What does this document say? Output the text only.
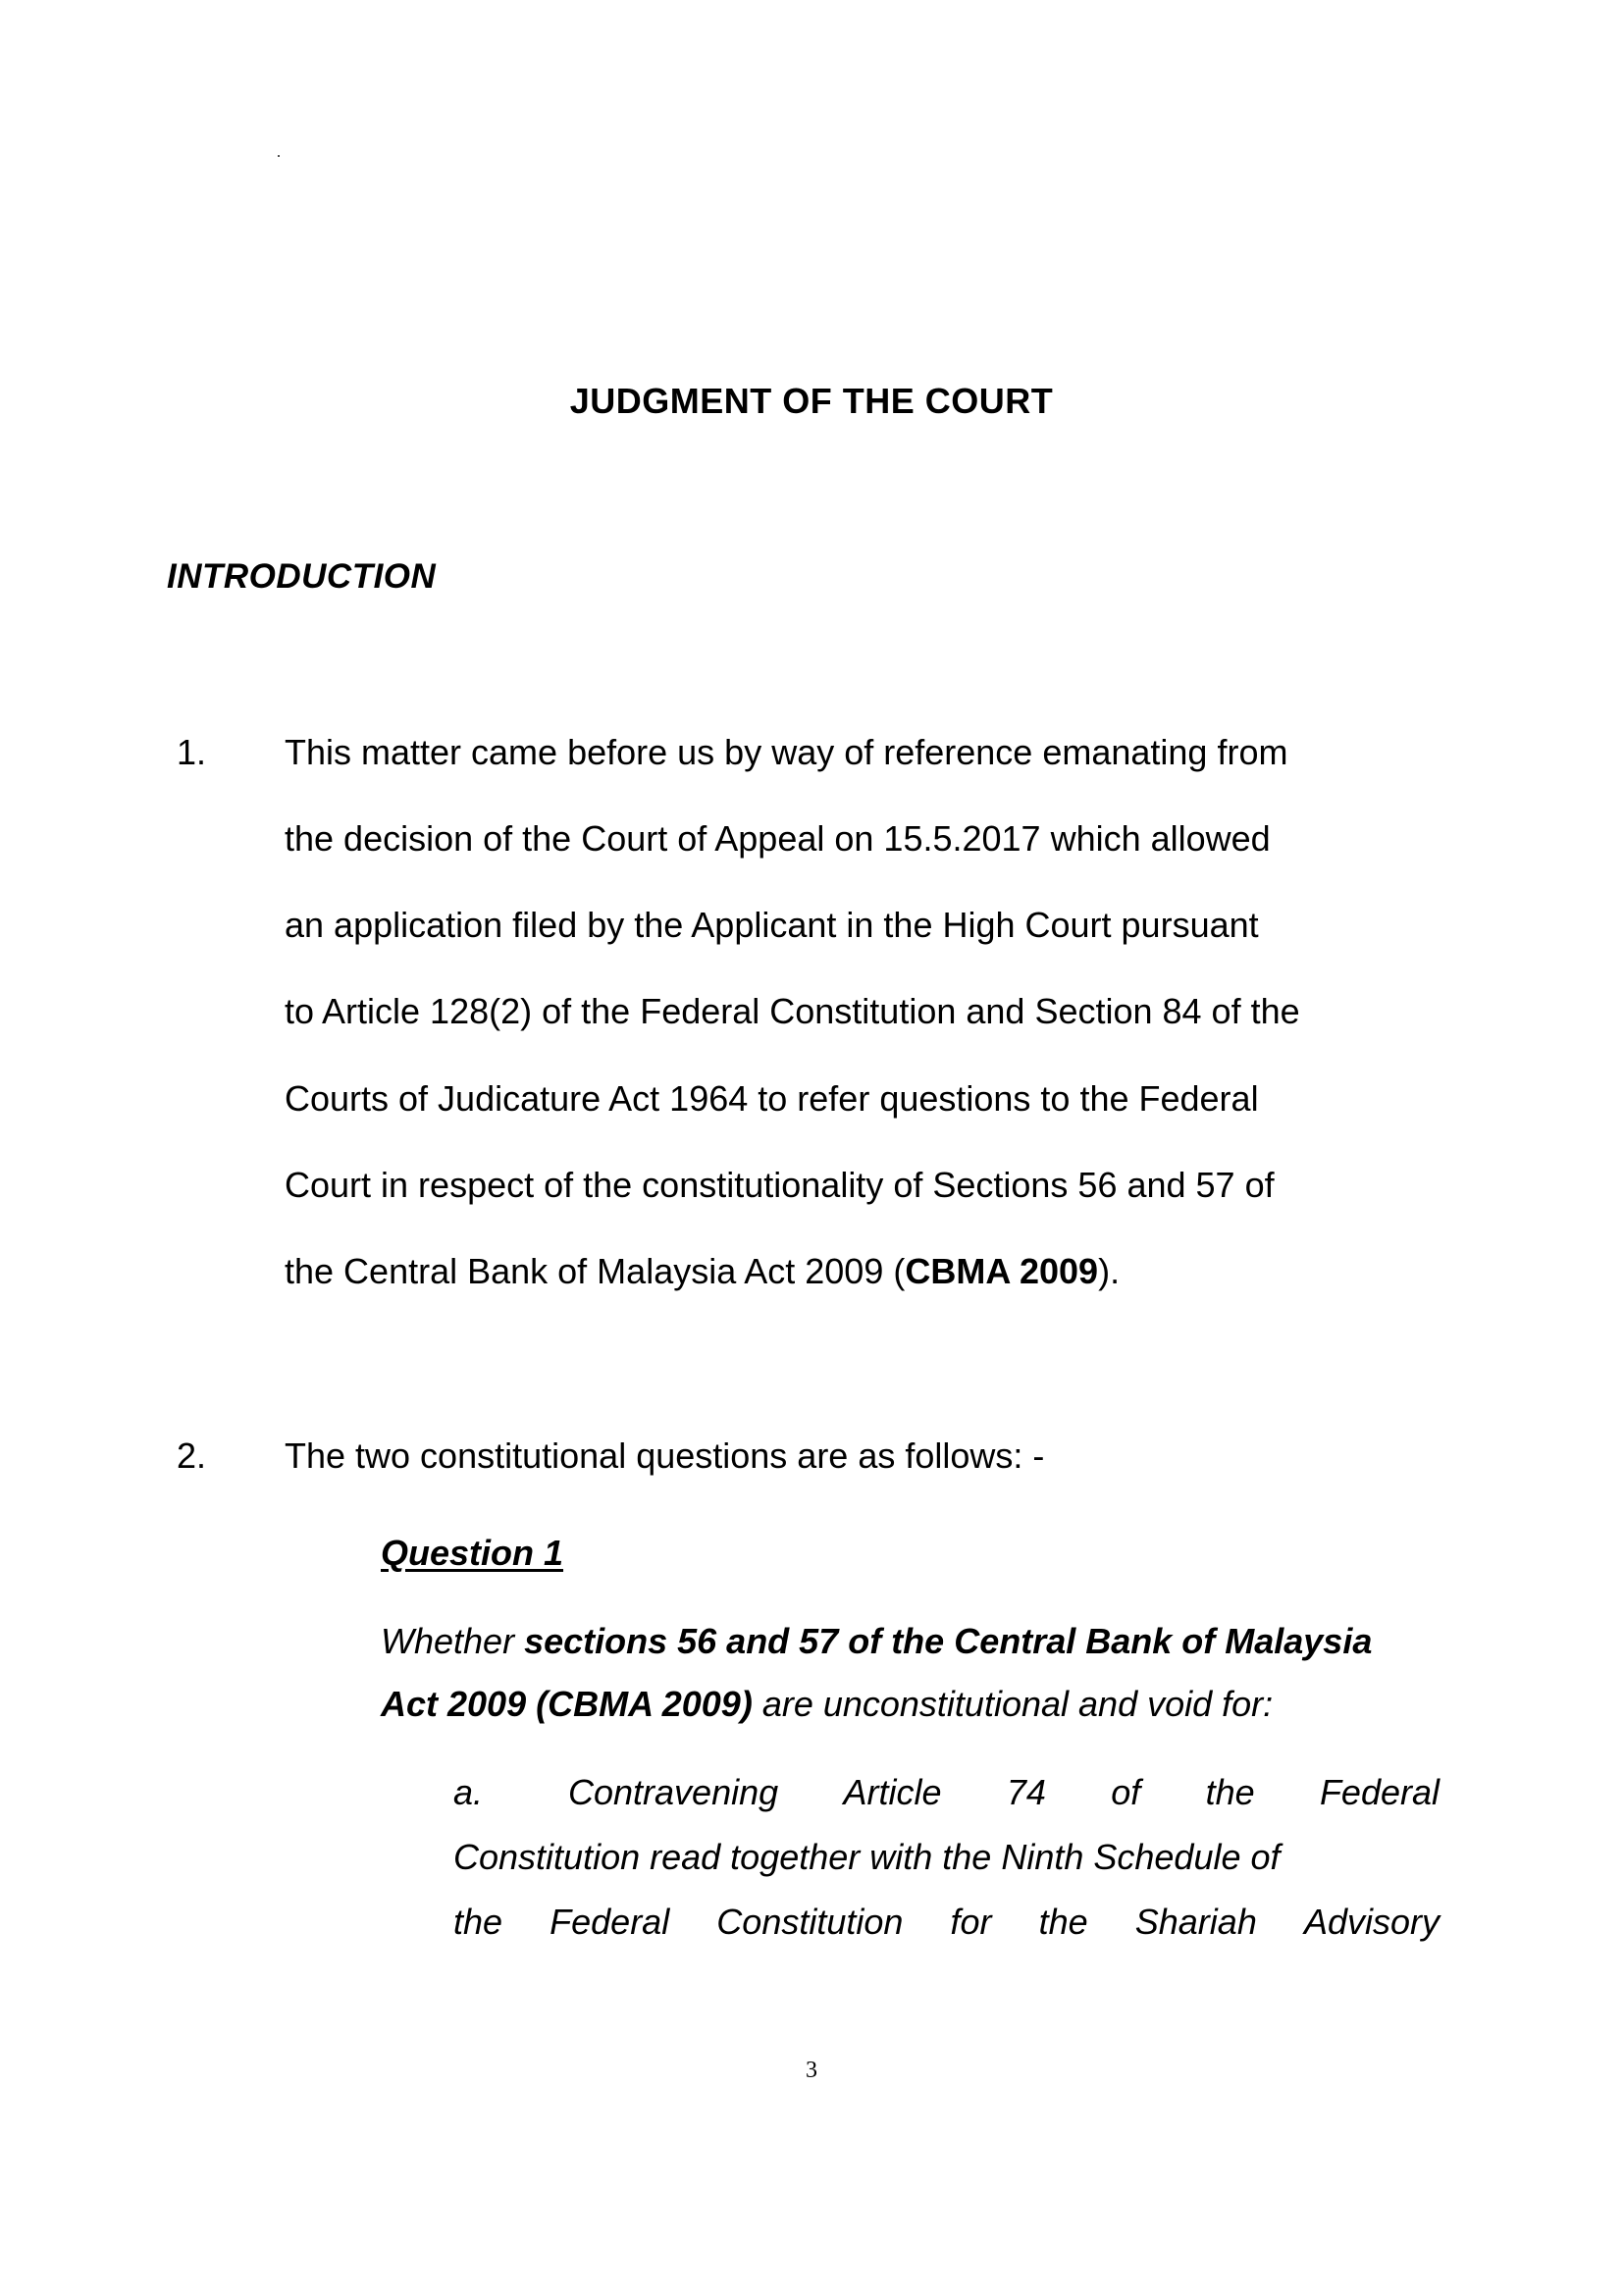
JUDGMENT OF THE COURT
INTRODUCTION
1. This matter came before us by way of reference emanating from
the decision of the Court of Appeal on 15.5.2017 which allowed
an application filed by the Applicant in the High Court pursuant
to Article 128(2) of the Federal Constitution and Section 84 of the
Courts of Judicature Act 1964 to refer questions to the Federal
Court in respect of the constitutionality of Sections 56 and 57 of
the Central Bank of Malaysia Act 2009 (CBMA 2009).
2. The two constitutional questions are as follows: -
Question 1
Whether sections 56 and 57 of the Central Bank of Malaysia
Act 2009 (CBMA 2009) are unconstitutional and void for:
a. Contravening Article 74 of the Federal
Constitution read together with the Ninth Schedule of
the Federal Constitution for the Shariah Advisory
3
